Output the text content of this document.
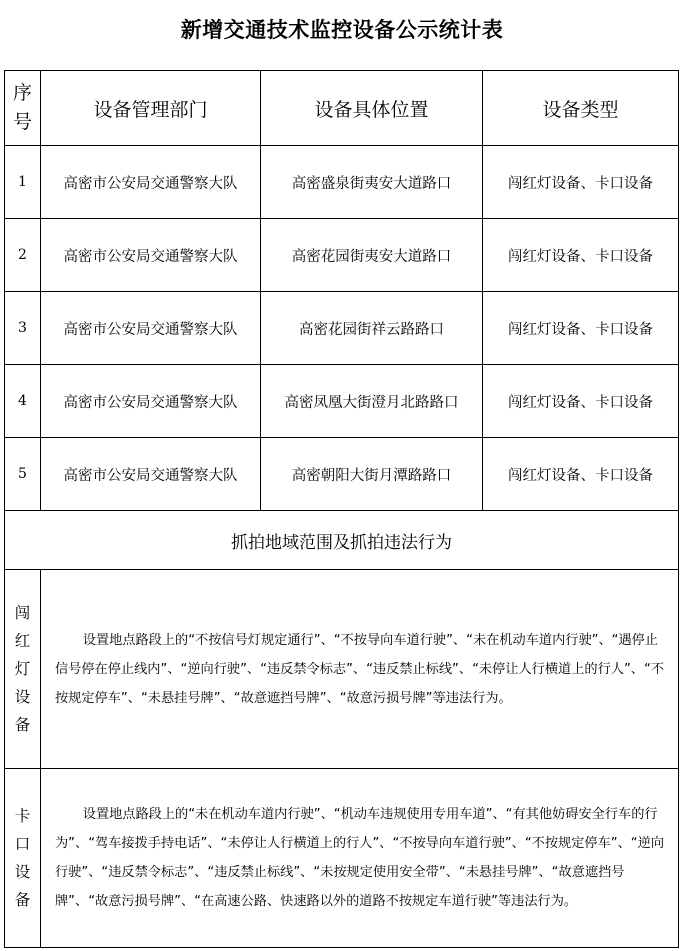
新增交通技术监控设备公示统计表
序
号	设备管理部门	设备具体位置	设备类型
1	高密市公安局交通警察大队	高密盛泉街夷安大道路口	闯红灯设备、卡口设备
2	高密市公安局交通警察大队	高密花园街夷安大道路口	闯红灯设备、卡口设备
3	高密市公安局交通警察大队	高密花园街祥云路路口	闯红灯设备、卡口设备
4	高密市公安局交通警察大队	高密凤凰大街澄月北路路口	闯红灯设备、卡口设备
5	高密市公安局交通警察大队	高密朝阳大街月潭路路口	闯红灯设备、卡口设备
抓拍地域范围及抓拍违法行为			

闯
红
灯
设
备	设置地点路段上的“不按信号灯规定通行”、“不按导向车道行驶”、“未在机动车道内行驶”、“遇停止信号停在停止线内”、“逆向行驶”、“违反禁令标志”、“违反禁止标线”、“未停让人行横道上的行人”、“不按规定停车”、“未悬挂号牌”、“故意遮挡号牌”、“故意污损号牌”等违法行为。		

卡
口
设
备	设置地点路段上的“未在机动车道内行驶”、“机动车违规使用专用车道”、“有其他妨碍安全行车的行为”、“驾车接拨手持电话”、“未停让人行横道上的行人”、“不按导向车道行驶”、“不按规定停车”、“逆向行驶”、“违反禁令标志”、“违反禁止标线”、“未按规定使用安全带”、“未悬挂号牌”、“故意遮挡号牌”、“故意污损号牌”、“在高速公路、快速路以外的道路不按规定车道行驶”等违法行为。		
